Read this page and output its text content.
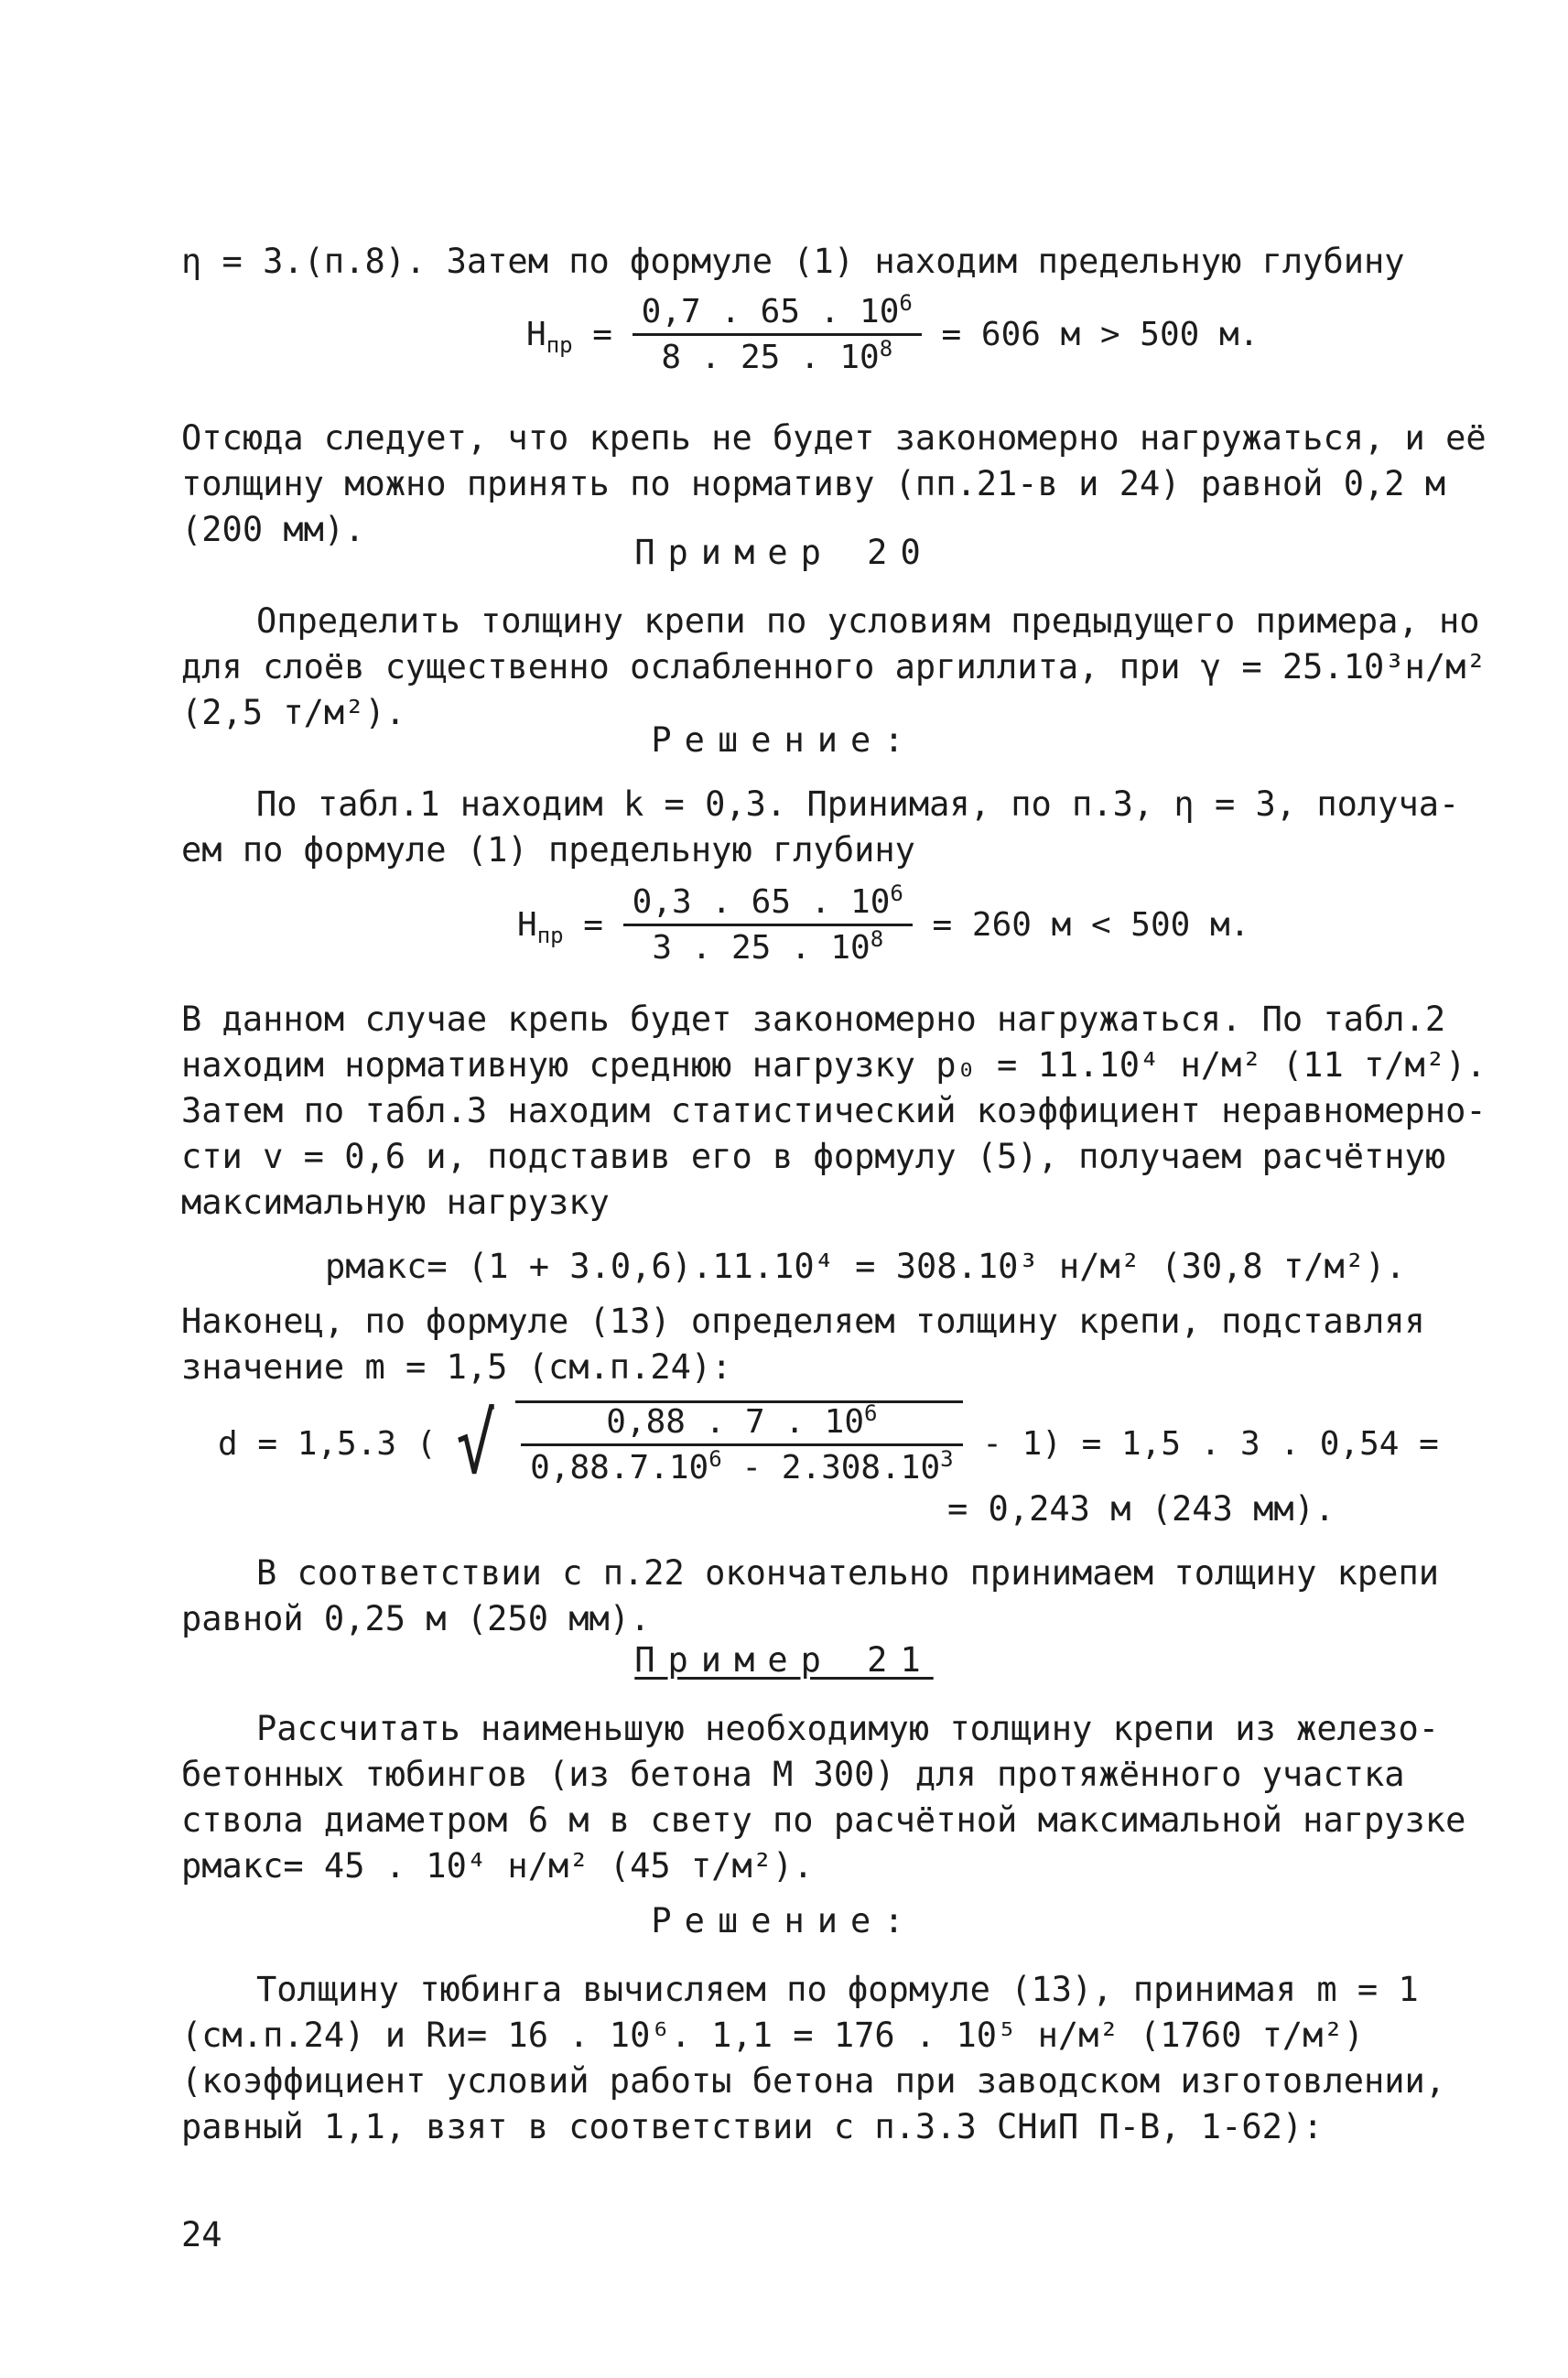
η = 3.(п.8). Затем по формуле (1) находим предельную глубину
$H_{пр} = \frac{0,7 . 65 . 10^6}{8 . 25 . 10^8} = 606$ м > 500 м.
Отсюда следует, что крепь не будет закономерно нагружаться, и её
толщину можно принять по нормативу (пп.21-в и 24) равной 0,2 м
(200 мм).
Пример 20
Определить толщину крепи по условиям предыдущего примера, но
для слоёв существенно ослабленного аргиллита, при γ = 25.10³н/м²
(2,5 т/м²).
Решение:
По табл.1 находим k = 0,3. Принимая, по п.3, η = 3, получа-
ем по формуле (1) предельную глубину
$H_{пр} = \frac{0,3 . 65 . 10^6}{3 . 25 . 10^8} = 260$ м < 500 м.
В данном случае крепь будет закономерно нагружаться. По табл.2
находим нормативную среднюю нагрузку p₀ = 11.10⁴ н/м² (11 т/м²).
Затем по табл.3 находим статистический коэффициент неравномерно-
сти v = 0,6 и, подставив его в формулу (5), получаем расчётную
максимальную нагрузку
pмакс= (1 + 3.0,6).11.10⁴ = 308.10³ н/м² (30,8 т/м²).
Наконец, по формуле (13) определяем толщину крепи, подставляя
значение m = 1,5 (см.п.24):
d = 1,5.3 ( √ $\frac{0,88 . 7 . 10^6}{0,88.7.10^6 - 2.308.10^3} - 1) = 1,5$ . 3 . 0,54 =
= 0,243 м (243 мм).
В соответствии с п.22 окончательно принимаем толщину крепи
равной 0,25 м (250 мм).
Пример 21
Рассчитать наименьшую необходимую толщину крепи из железо-
бетонных тюбингов (из бетона М 300) для протяжённого участка
ствола диаметром 6 м в свету по расчётной максимальной нагрузке
pмакс= 45 . 10⁴ н/м² (45 т/м²).
Решение:
Толщину тюбинга вычисляем по формуле (13), принимая m = 1
(см.п.24) и Rи= 16 . 10⁶. 1,1 = 176 . 10⁵ н/м² (1760 т/м²)
(коэффициент условий работы бетона при заводском изготовлении,
равный 1,1, взят в соответствии с п.3.3 СНиП П-В, 1-62):
24
